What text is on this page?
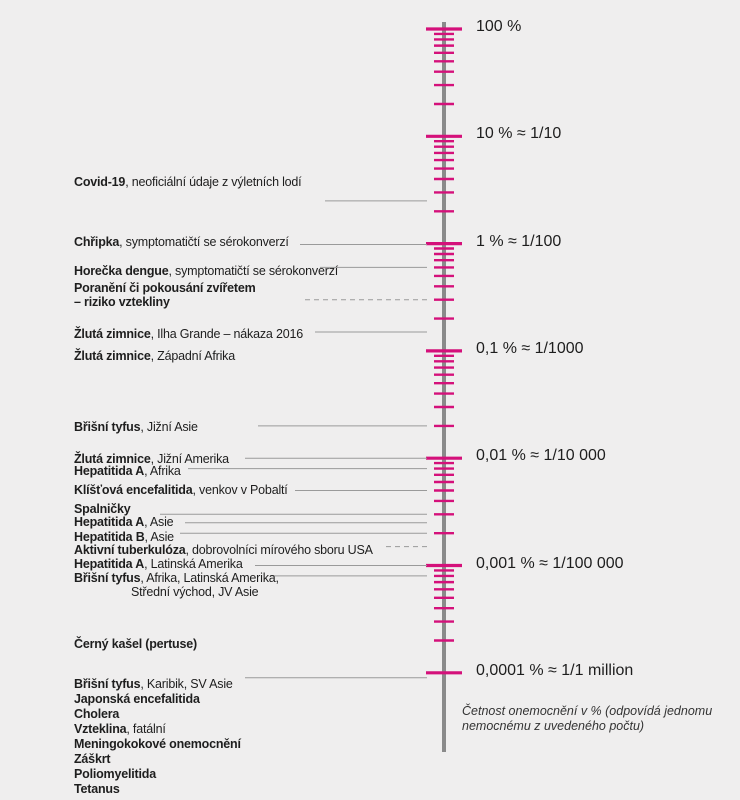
Covid-19, neoficiální údaje z výletních lodí
Chřipka, symptomatičtí se sérokonverzí
Horečka dengue, symptomatičtí se sérokonverzí
Poranění či pokousání zvířetem
– riziko vztekliny
Žlutá zimnice, Ilha Grande – nákaza 2016
Žlutá zimnice, Západní Afrika
Břišní tyfus, Jižní Asie
Žlutá zimnice, Jižní Amerika
Hepatitida A, Afrika
Klíšťová encefalitida, venkov v Pobaltí
Spalničky
Hepatitida A, Asie
Hepatitida B, Asie
Aktivní tuberkulóza, dobrovolníci mírového sboru USA
Hepatitida A, Latinská Amerika
Břišní tyfus, Afrika, Latinská Amerika,
Střední východ, JV Asie
Černý kašel (pertuse)
Břišní tyfus, Karibik, SV Asie
Japonská encefalitida
Cholera
Vzteklina, fatální
Meningokokové onemocnění
Záškrt
Poliomyelitida
Tetanus
100 %
10 % ≈ 1/10
1 % ≈ 1/100
0,1 % ≈ 1/1000
0,01 % ≈ 1/10 000
0,001 % ≈ 1/100 000
0,0001 % ≈ 1/1 million
Četnost onemocnění v % (odpovídá jednomu nemocnému z uvedeného počtu)
